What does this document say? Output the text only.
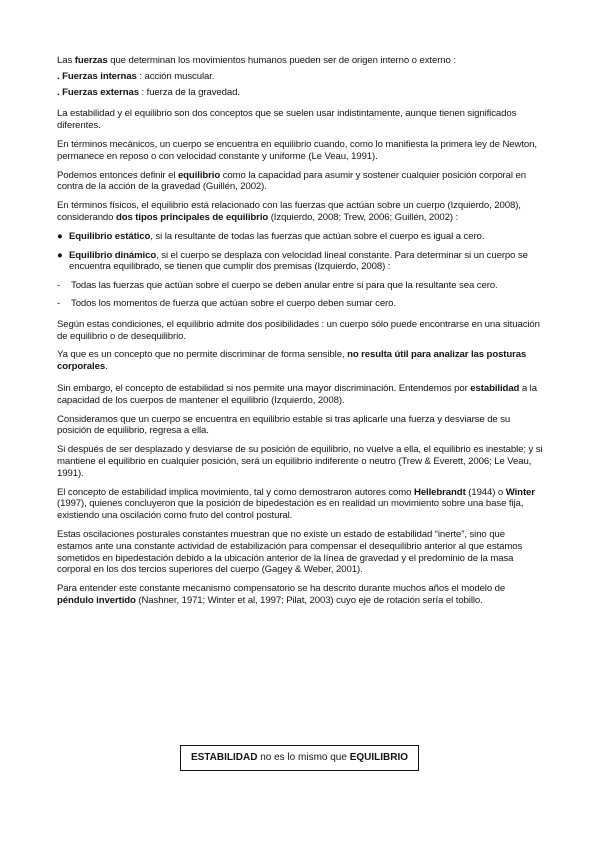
Las fuerzas que determinan los movimientos humanos pueden ser de origen interno o externo :

. Fuerzas internas : acción muscular.

. Fuerzas externas : fuerza de la gravedad.

La estabilidad y el equilibrio son dos conceptos que se suelen usar indistintamente, aunque tienen significados diferentes.

En términos mecánicos, un cuerpo se encuentra en equilibrio cuando, como lo manifiesta la primera ley de Newton, permanece en reposo o con velocidad constante y uniforme (Le Veau, 1991).

Podemos entonces definir el equilibrio como la capacidad para asumir y sostener cualquier posición corporal en contra de la acción de la gravedad (Guillén, 2002).

En términos físicos, el equilibrio está relacionado con las fuerzas que actúan sobre un cuerpo (Izquierdo, 2008), considerando dos tipos principales de equilibrio (Izquierdo, 2008; Trew, 2006; Guillén, 2002) :

● Equilibrio estático, si la resultante de todas las fuerzas que actúan sobre el cuerpo es igual a cero.
● Equilibrio dinámico, si el cuerpo se desplaza con velocidad lineal constante. Para determinar si un cuerpo se encuentra equilibrado, se tienen que cumplir dos premisas (Izquierdo, 2008) :
-	Todas las fuerzas que actúan sobre el cuerpo se deben anular entre si para que la resultante sea cero.
-	Todos los momentos de fuerza que actúan sobre el cuerpo deben sumar cero.

Según estas condiciones, el equilibrio admite dos posibilidades : un cuerpo sólo puede encontrarse en una situación de equilibrio o de desequilibrio.

Ya que es un concepto que no permite discriminar de forma sensible, no resulta útil para analizar las posturas corporales.

Sin embargo, el concepto de estabilidad si nos permite una mayor discriminación. Entendemos por estabilidad a la capacidad de los cuerpos de mantener el equilibrio (Izquierdo, 2008).

Consideramos que un cuerpo se encuentra en equilibrio estable si tras aplicarle una fuerza y desviarse de su posición de equilibrio, regresa a ella.

Si después de ser desplazado y desviarse de su posición de equilibrio, no vuelve a ella, el equilibrio es inestable; y si mantiene el equilibrio en cualquier posición, será un equilibrio indiferente o neutro (Trew & Everett, 2006; Le Veau, 1991).

El concepto de estabilidad implica movimiento, tal y como demostraron autores como Hellebrandt (1944) o Winter (1997), quienes concluyeron que la posición de bipedestación es en realidad un movimiento sobre una base fija, existiendo una oscilación como fruto del control postural.

Estas oscilaciones posturales constantes muestran que no existe un estado de estabilidad “inerte”, sino que estamos ante una constante actividad de estabilización para compensar el desequilibrio anterior al que estamos sometidos en bipedestación debido a la ubicación anterior de la línea de gravedad y el predominio de la masa corporal en los dos tercios superiores del cuerpo (Gagey & Weber, 2001).

Para entender este constante mecanismo compensatorio se ha descrito durante muchos años el modelo de péndulo invertido (Nashner, 1971; Winter et al, 1997; Pilat, 2003) cuyo eje de rotación sería el tobillo.

ESTABILIDAD no es lo mismo que EQUILIBRIO
